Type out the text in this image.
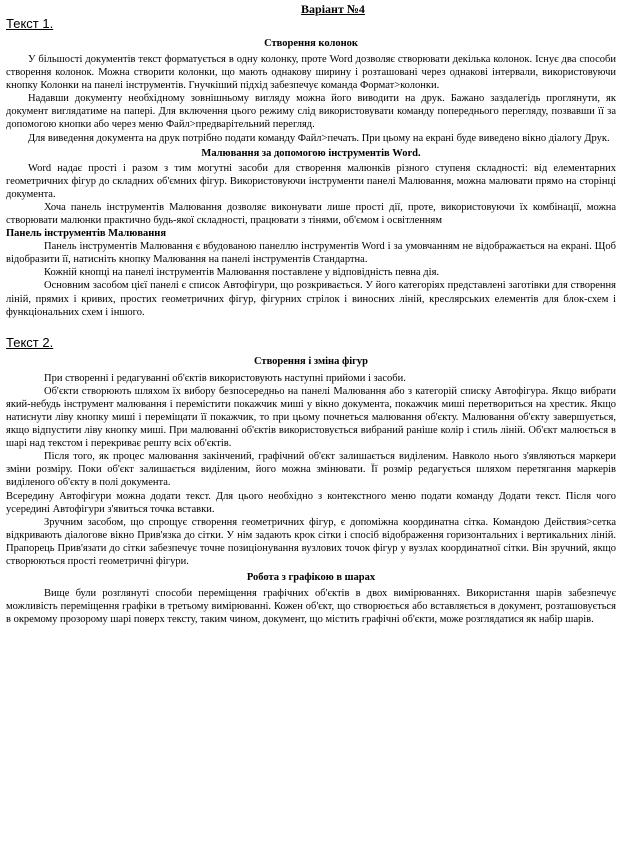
Варіант №4
Текст 1.
Створення колонок

У більшості документів текст форматується в одну колонку, проте Word дозволяє створювати декілька колонок. Існує два способи створення колонок. Можна створити колонки, що мають однакову ширину і розташовані через однакові інтервали, використовуючи кнопку Колонки на панелі інструментів. Гнучкіший підхід забезпечує команда Формат>колонки.

Надавши документу необхідному зовнішньому вигляду можна його виводити на друк. Бажано заздалегідь проглянути, як документ виглядатиме на папері. Для включення цього режиму слід використовувати команду попереднього перегляду, позвавши її за допомогою кнопки або через меню Файл>предварітельний перегляд.

Для виведення документа на друк потрібно подати команду Файл>печать. При цьому на екрані буде виведено вікно діалогу Друк.

Малювання за допомогою інструментів Word.

Word надає прості і разом з тим могутні засоби для створення малюнків різного ступеня складності: від елементарних геометричних фігур до складних об'ємних фігур. Використовуючи інструменти панелі Малювання, можна малювати прямо на сторінці документа.

Хоча панель інструментів Малювання дозволяє виконувати лише прості дії, проте, використовуючи їх комбінації, можна створювати малюнки практично будь-якої складності, працювати з тінями, об'ємом і освітленням

Панель інструментів Малювання

Панель інструментів Малювання є вбудованою панеллю інструментів Word і за умовчанням не відображається на екрані. Щоб відобразити її, натисніть кнопку Малювання на панелі інструментів Стандартна.

Кожній кнопці на панелі інструментів Малювання поставлене у відповідність певна дія.

Основним засобом цієї панелі є список Автофігури, що розкривається. У його категоріях представлені заготівки для створення ліній, прямих і кривих, простих геометричних фігур, фігурних стрілок і виносних ліній, креслярських елементів для блок-схем і функціональних схем і іншого.

Текст 2.
Створення і зміна фігур

При створенні і редагуванні об'єктів використовують наступні прийоми і засоби.

Об'єкти створюють шляхом їх вибору безпосередньо на панелі Малювання або з категорій списку Автофігура. Якщо вибрати який-небудь інструмент малювання і перемістити покажчик миші у вікно документа, покажчик миші перетвориться на хрестик. Якщо натиснути ліву кнопку миші і переміщати її покажчик, то при цьому почнеться малювання об'єкту. Малювання об'єкту завершується, якщо відпустити ліву кнопку миші. При малюванні об'єктів використовується вибраний раніше колір і стиль ліній. Об'єкт малюється в шарі над текстом і перекриває решту всіх об'єктів.

Після того, як процес малювання закінчений, графічний об'єкт залишається виділеним. Навколо нього з'являються маркери зміни розміру. Поки об'єкт залишається виділеним, його можна змінювати. Її розмір редагується шляхом перетягання маркерів виділеного об'єкту в полі документа.

Всередину Автофігури можна додати текст. Для цього необхідно з контекстного меню подати команду Додати текст. Після чого усередині Автофігури з'явиться точка вставки.

Зручним засобом, що спрощує створення геометричних фігур, є допоміжна координатна сітка. Командою Действия>сетка відкривають діалогове вікно Прив'язка до сітки. У нім задають крок сітки і спосіб відображення горизонтальних і вертикальних ліній. Прапорець Прив'язати до сітки забезпечує точне позиціонування вузлових точок фігур у вузлах координатної сітки. Він зручний, якщо створюються прості геометричні фігури.

Робота з графікою в шарах

Вище були розглянуті способи переміщення графічних об'єктів в двох вимірюваннях. Використання шарів забезпечує можливість переміщення графіки в третьому вимірюванні. Кожен об'єкт, що створюється або вставляється в документ, розташовується в окремому прозорому шарі поверх тексту, таким чином, документ, що містить графічні об'єкти, може розглядатися як набір шарів.
